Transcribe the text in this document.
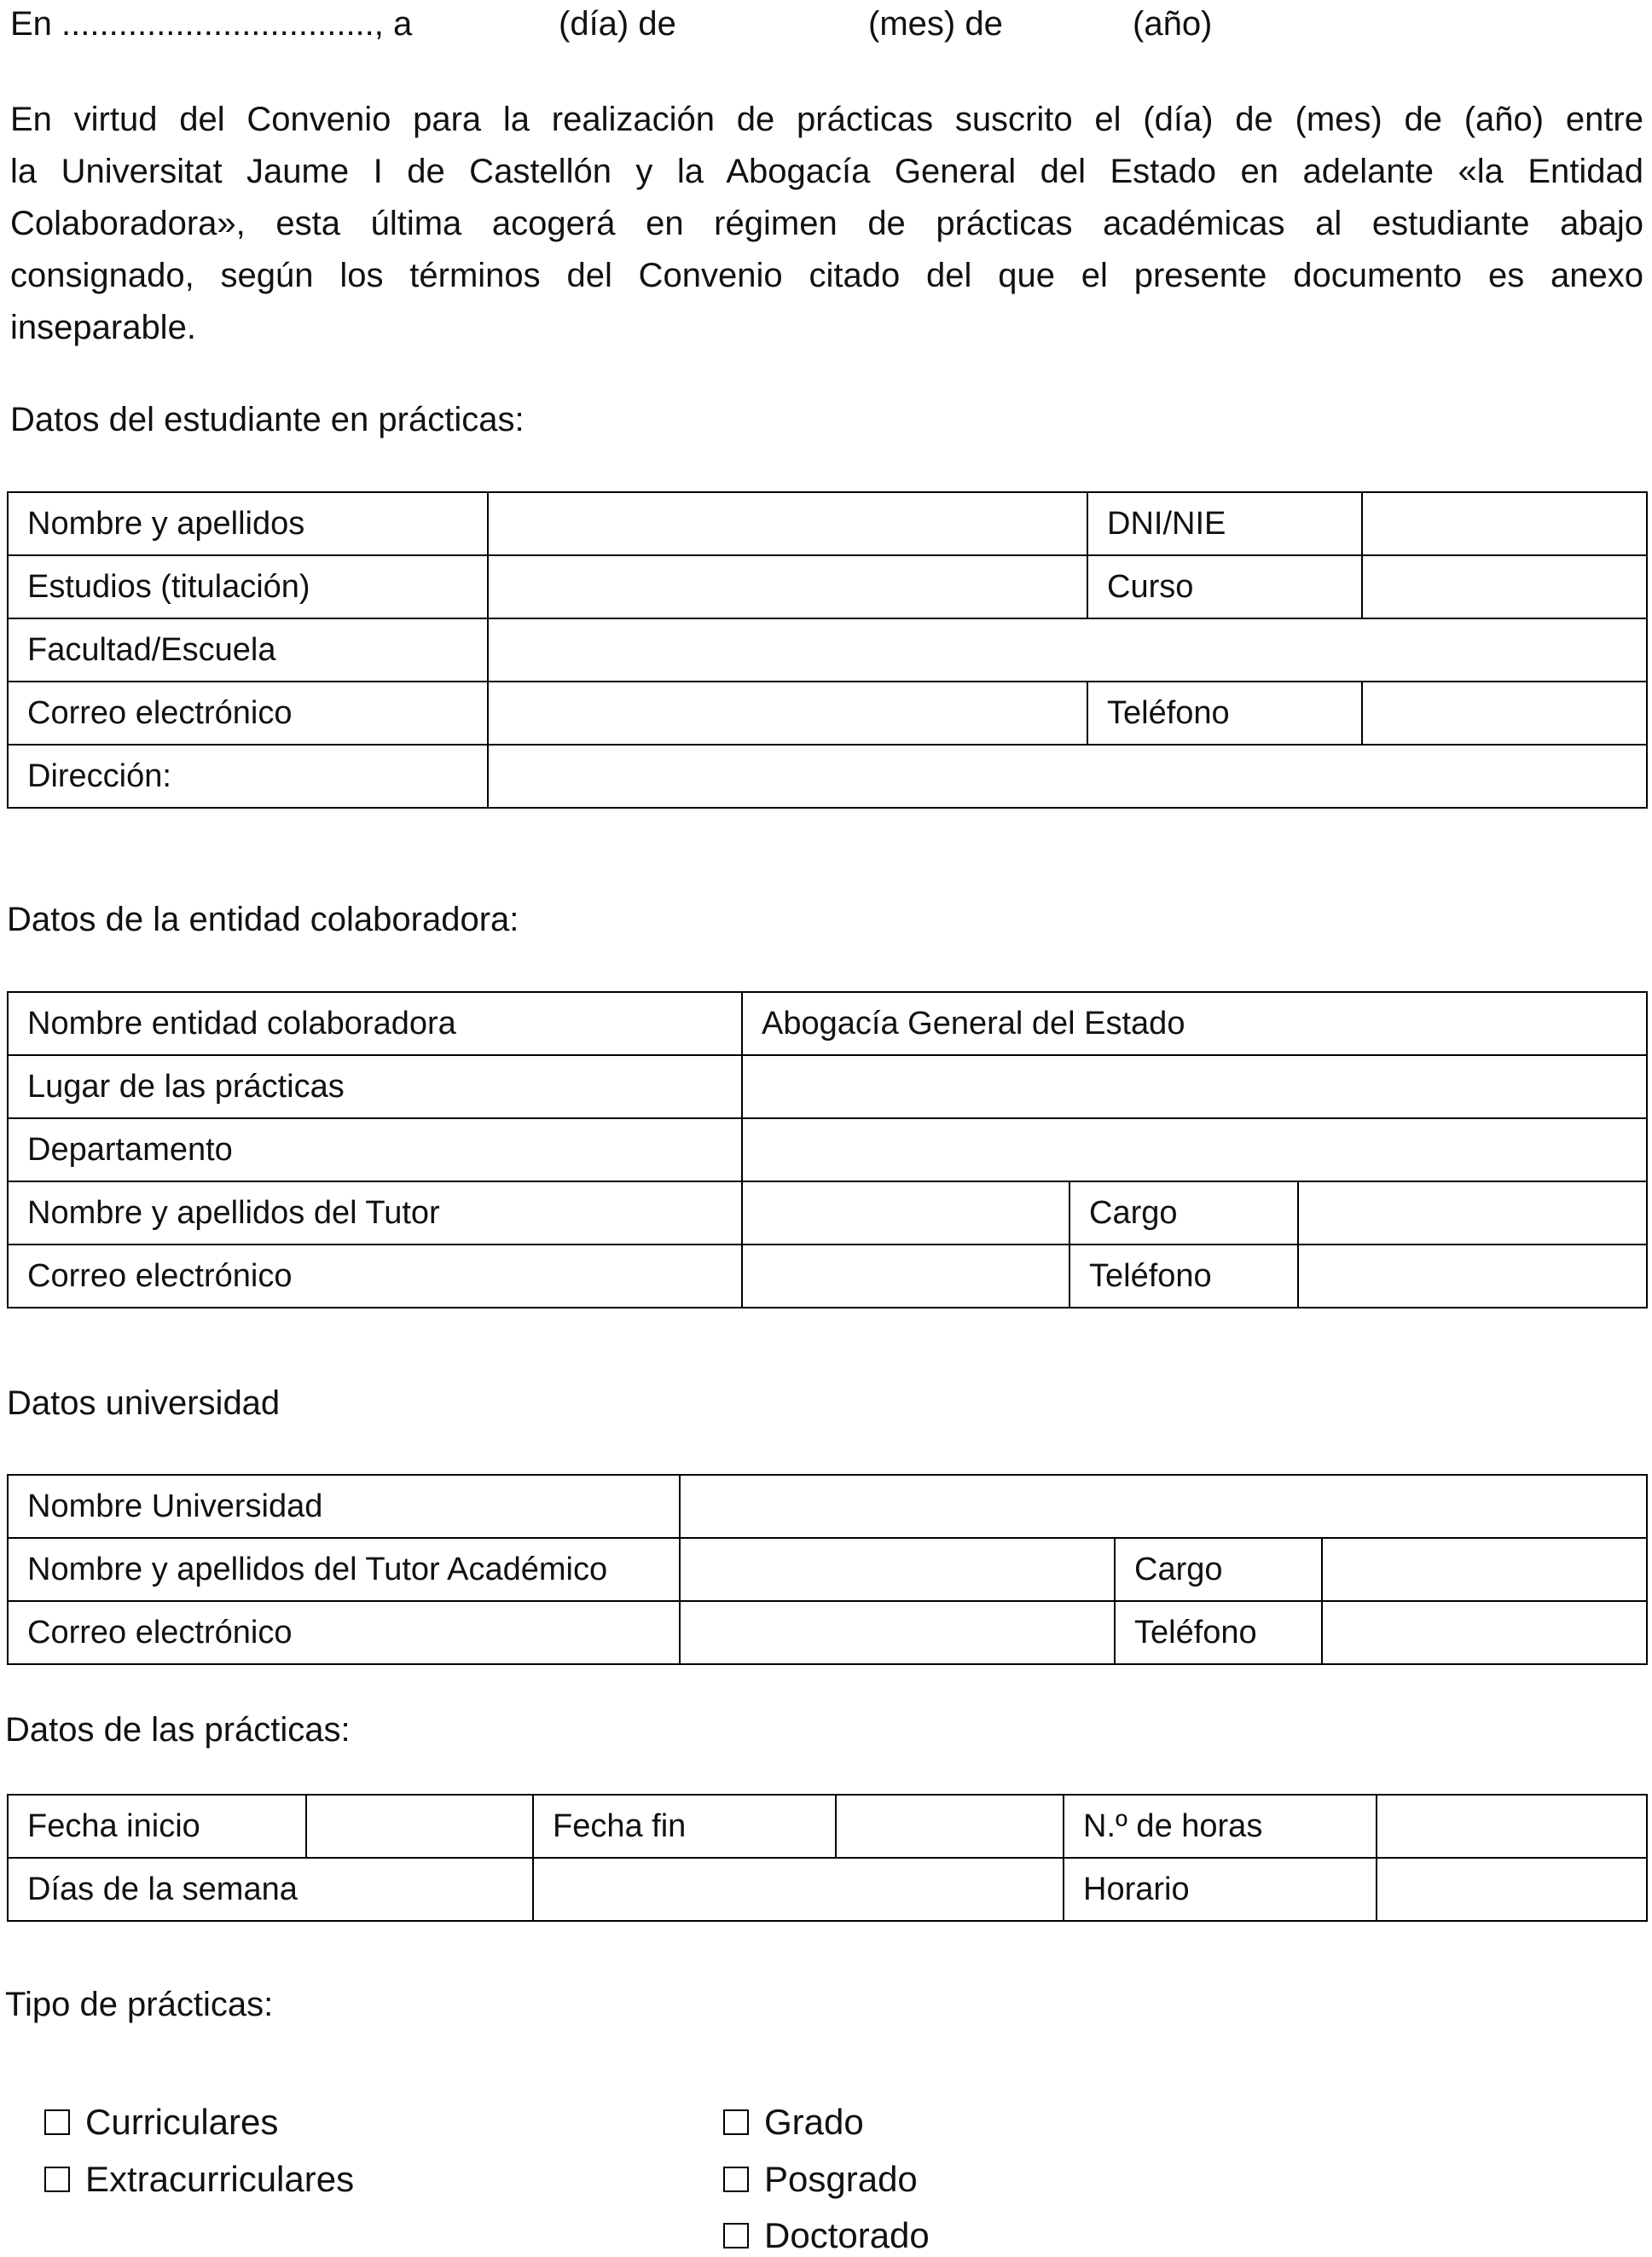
En ................................., a	(día) de	(mes) de	(año)
En virtud del Convenio para la realización de prácticas suscrito el (día) de (mes) de (año) entre
la Universitat Jaume I de Castellón y la Abogacía General del Estado en adelante «la Entidad
Colaboradora», esta última acogerá en régimen de prácticas académicas al estudiante abajo
consignado, según los términos del Convenio citado del que el presente documento es anexo
inseparable.
Datos del estudiante en prácticas:
Nombre y apellidos		DNI/NIE	
Estudios (titulación)		Curso	
Facultad/Escuela			
Correo electrónico		Teléfono	
Dirección:			
Datos de la entidad colaboradora:
Nombre entidad colaboradora	Abogacía General del Estado		
Lugar de las prácticas			
Departamento			
Nombre y apellidos del Tutor		Cargo	
Correo electrónico		Teléfono	
Datos universidad
Nombre Universidad			
Nombre y apellidos del Tutor Académico		Cargo	
Correo electrónico		Teléfono	
Datos de las prácticas:
Fecha inicio		Fecha fin		N.º de horas	
Días de la semana				Horario	
Tipo de prácticas:
Curriculares
Extracurriculares
Grado
Posgrado
Doctorado
